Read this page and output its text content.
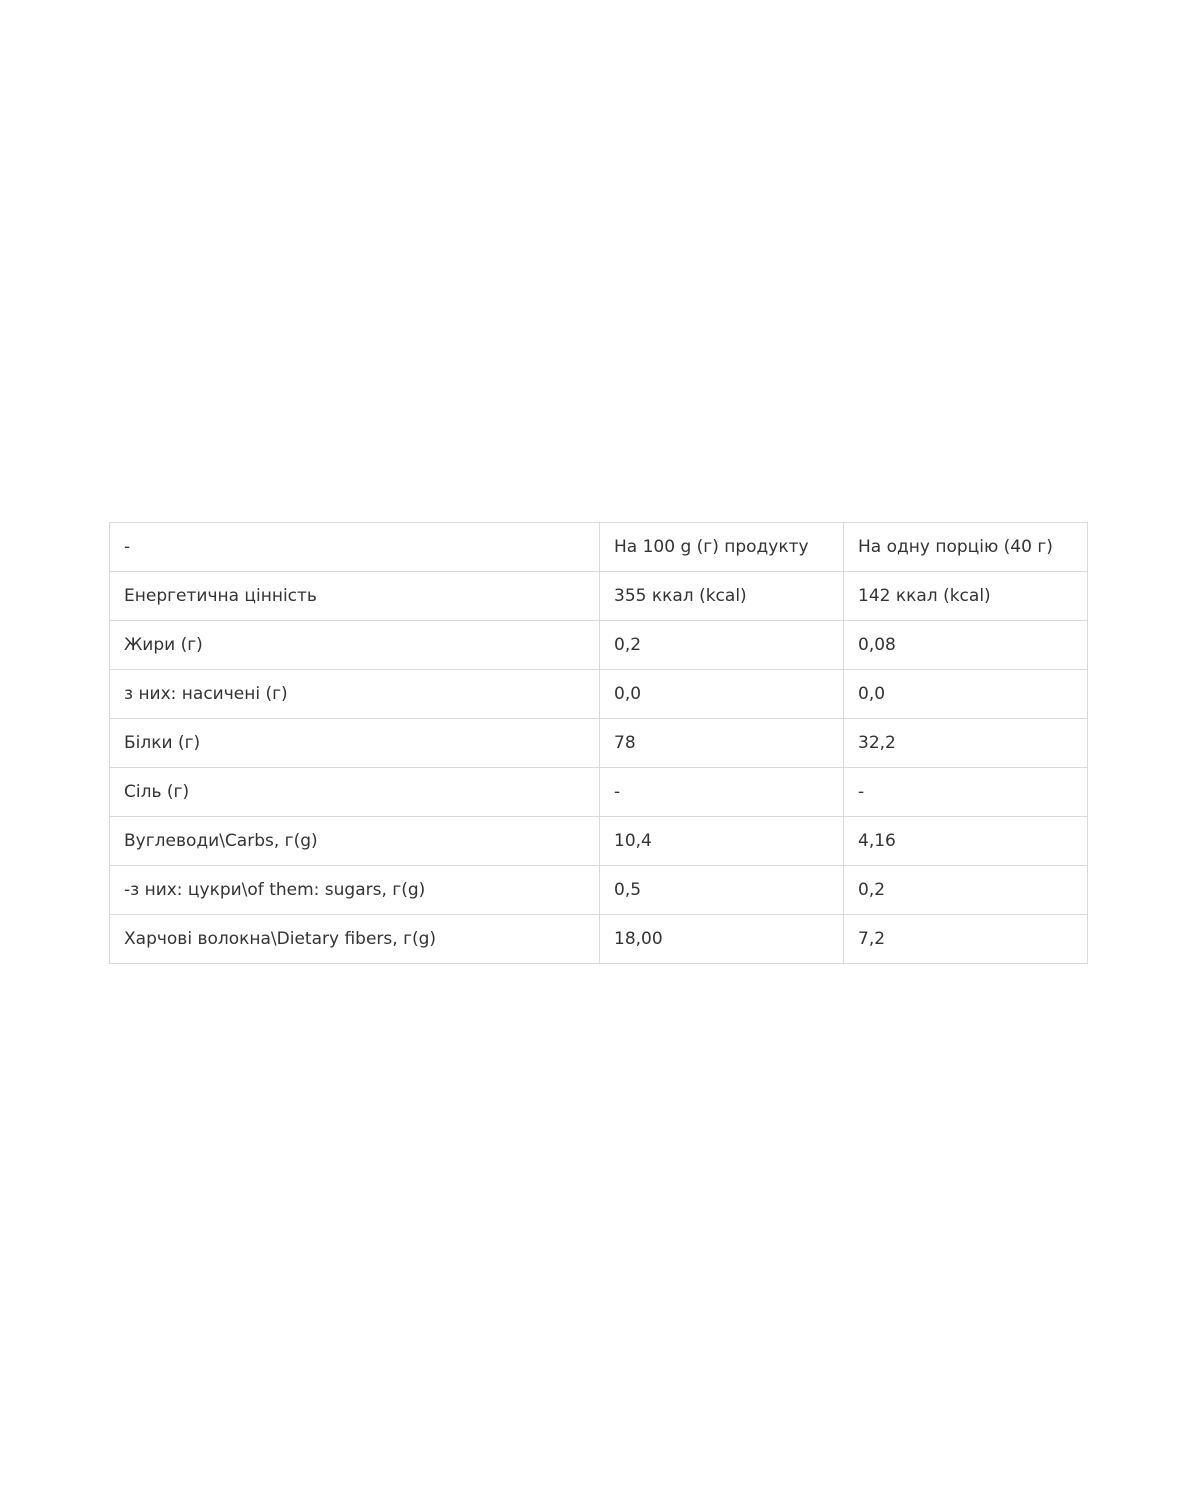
-	На 100 g (г) продукту	На одну порцію (40 г)
Енергетична цінність	355 ккал (kcal)	142 ккал (kcal)
Жири (г)	0,2	0,08
з них: насичені (г)	0,0	0,0
Білки (г)	78	32,2
Сіль (г)	-	-
Вуглеводи\Carbs, г(g)	10,4	4,16
-з них: цукри\of them: sugars, г(g)	0,5	0,2
Харчові волокна\Dietary fibers, г(g)	18,00	7,2
